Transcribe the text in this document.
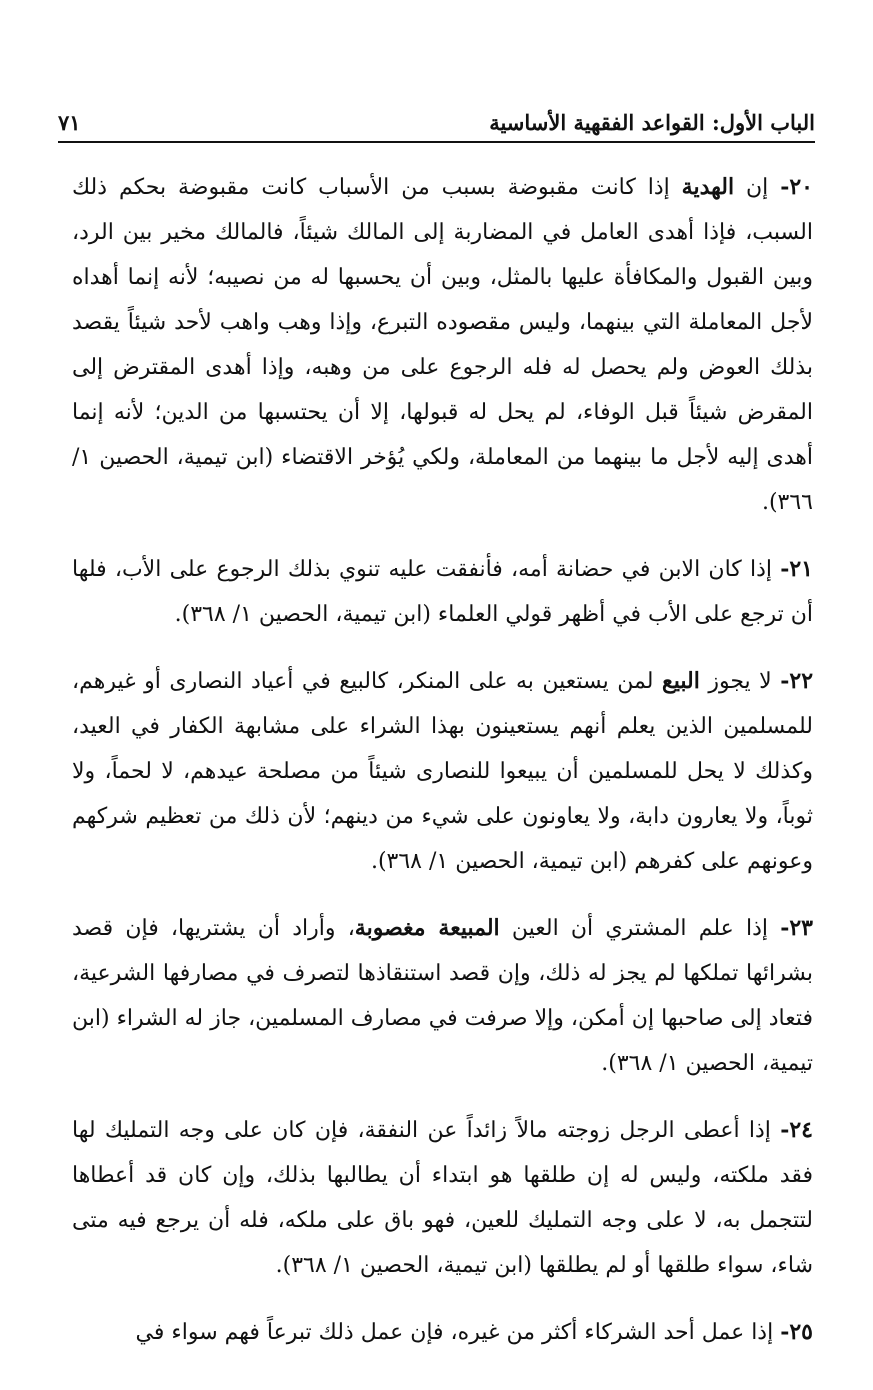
الباب الأول: القواعد الفقهية الأساسية
٧١

٢٠- إن الهدية إذا كانت مقبوضة بسبب من الأسباب كانت مقبوضة بحكم ذلك السبب، فإذا أهدى العامل في المضاربة إلى المالك شيئاً، فالمالك مخير بين الرد، وبين القبول والمكافأة عليها بالمثل، وبين أن يحسبها له من نصيبه؛ لأنه إنما أهداه لأجل المعاملة التي بينهما، وليس مقصوده التبرع، وإذا وهب واهب لأحد شيئاً يقصد بذلك العوض ولم يحصل له فله الرجوع على من وهبه، وإذا أهدى المقترض إلى المقرض شيئاً قبل الوفاء، لم يحل له قبولها، إلا أن يحتسبها من الدين؛ لأنه إنما أهدى إليه لأجل ما بينهما من المعاملة، ولكي يُؤخر الاقتضاء (ابن تيمية، الحصين ١/ ٣٦٦).

٢١- إذا كان الابن في حضانة أمه، فأنفقت عليه تنوي بذلك الرجوع على الأب، فلها أن ترجع على الأب في أظهر قولي العلماء (ابن تيمية، الحصين ١/ ٣٦٨).

٢٢- لا يجوز البيع لمن يستعين به على المنكر، كالبيع في أعياد النصارى أو غيرهم، للمسلمين الذين يعلم أنهم يستعينون بهذا الشراء على مشابهة الكفار في العيد، وكذلك لا يحل للمسلمين أن يبيعوا للنصارى شيئاً من مصلحة عيدهم، لا لحماً، ولا ثوباً، ولا يعارون دابة، ولا يعاونون على شيء من دينهم؛ لأن ذلك من تعظيم شركهم وعونهم على كفرهم (ابن تيمية، الحصين ١/ ٣٦٨).

٢٣- إذا علم المشتري أن العين المبيعة مغصوبة، وأراد أن يشتريها، فإن قصد بشرائها تملكها لم يجز له ذلك، وإن قصد استنقاذها لتصرف في مصارفها الشرعية، فتعاد إلى صاحبها إن أمكن، وإلا صرفت في مصارف المسلمين، جاز له الشراء (ابن تيمية، الحصين ١/ ٣٦٨).

٢٤- إذا أعطى الرجل زوجته مالاً زائداً عن النفقة، فإن كان على وجه التمليك لها فقد ملكته، وليس له إن طلقها هو ابتداء أن يطالبها بذلك، وإن كان قد أعطاها لتتجمل به، لا على وجه التمليك للعين، فهو باق على ملكه، فله أن يرجع فيه متى شاء، سواء طلقها أو لم يطلقها (ابن تيمية، الحصين ١/ ٣٦٨).

٢٥- إذا عمل أحد الشركاء أكثر من غيره، فإن عمل ذلك تبرعاً فهم سواء في
